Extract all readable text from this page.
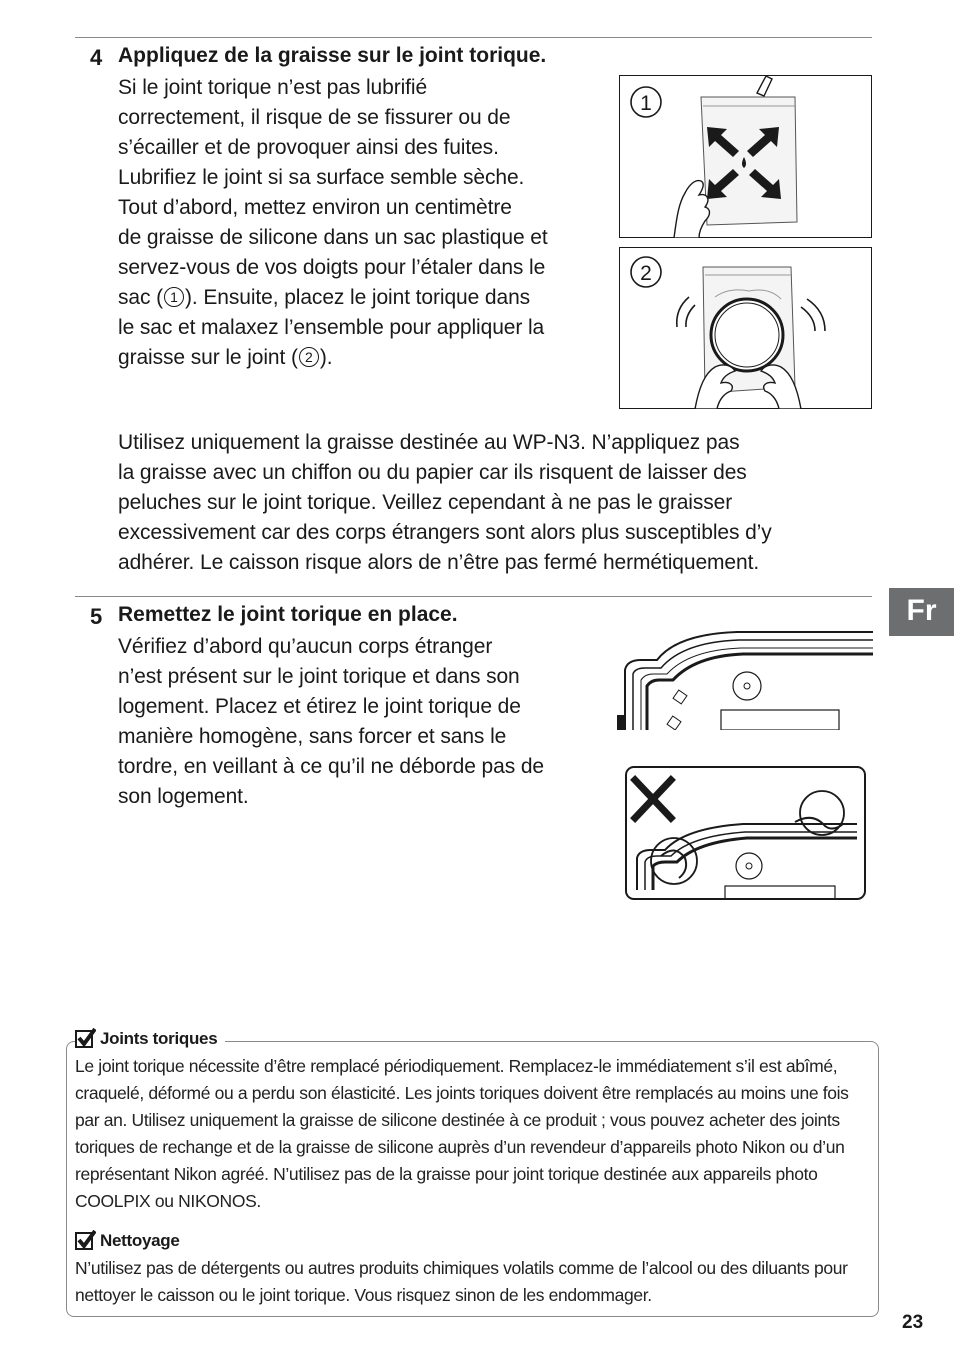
4 Appliquez de la graisse sur le joint torique.
Si le joint torique n’est pas lubrifié
correctement, il risque de se fissurer ou de
s’écailler et de provoquer ainsi des fuites.
Lubrifiez le joint si sa surface semble sèche.
Tout d’abord, mettez environ un centimètre
de graisse de silicone dans un sac plastique et
servez-vous de vos doigts pour l’étaler dans le
sac ( 1 ). Ensuite, placez le joint torique dans
le sac et malaxez l’ensemble pour appliquer la
graisse sur le joint ( 2 ).
1
2
Utilisez uniquement la graisse destinée au WP-N3. N’appliquez pas
la graisse avec un chiffon ou du papier car ils risquent de laisser des
peluches sur le joint torique. Veillez cependant à ne pas le graisser
excessivement car des corps étrangers sont alors plus susceptibles d’y
adhérer. Le caisson risque alors de n’être pas fermé hermétiquement.
5 Remettez le joint torique en place.
Vérifiez d’abord qu’aucun corps étranger
n’est présent sur le joint torique et dans son
logement. Placez et étirez le joint torique de
manière homogène, sans forcer et sans le
tordre, en veillant à ce qu’il ne déborde pas de
son logement.
Fr
Joints toriques
Le joint torique nécessite d’être remplacé périodiquement. Remplacez-le immédiatement s’il est abîmé, craquelé, déformé ou a perdu son élasticité. Les joints toriques doivent être remplacés au moins une fois par an. Utilisez uniquement la graisse de silicone destinée à ce produit ; vous pouvez acheter des joints toriques de rechange et de la graisse de silicone auprès d’un revendeur d’appareils photo Nikon ou d’un représentant Nikon agréé. N’utilisez pas de la graisse pour joint torique destinée aux appareils photo COOLPIX ou NIKONOS.
Nettoyage
N’utilisez pas de détergents ou autres produits chimiques volatils comme de l’alcool ou des diluants pour nettoyer le caisson ou le joint torique. Vous risquez sinon de les endommager.
23
